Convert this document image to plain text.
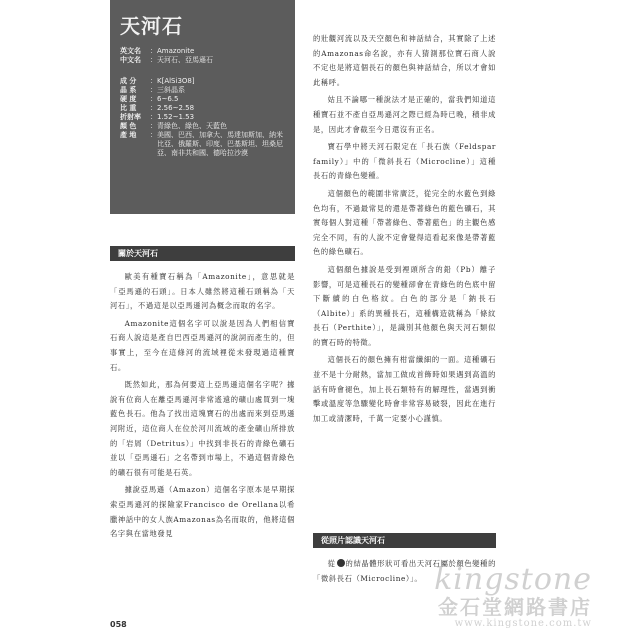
天河石
英文名	： Amazonite
中文名	： 天河石、亞馬遜石
成 分	： K[AlSi3O8]
晶 系	： 三斜晶系
硬 度	： 6~6.5
比 重	： 2.56~2.58
折射率	： 1.52~1.53
顏 色	： 青綠色、綠色、天藍色
產 地	： 美國、巴西、加拿大、馬達加斯加、納米比亞、俄羅斯、印度、巴基斯坦、坦桑尼亞、南非共和國、德哈拉沙漠
關於天河石

歐美有種寶石稱為「Amazonite」，意思就是「亞馬遜的石頭」。日本人雖然將這種石頭稱為「天河石」，不過這是以亞馬遜河為概念而取的名字。

Amazonite這個名字可以說是因為人們相信寶石商人說這是產自巴西亞馬遜河的說詞而產生的，但事實上，至今在這條河的流域裡從未發現過這種寶石。

既然如此，那為何要這上亞馬遜這個名字呢？據說有位商人在離亞馬遜河非常遙遠的礦山處買到一塊藍色長石。他為了找出這塊寶石的出處而來到亞馬遜河附近，這位商人在位於河川流域的產金礦山所排放的「岩屑（Detritus）」中找到非長石的青綠色礦石並以「亞馬遜石」之名帶到市場上，不過這個青綠色的礦石很有可能是石英。

據說亞馬遜（Amazon）這個名字原本是早期探索亞馬遜河的探險家Francisco de Orellana以希臘神話中的女人族Amazonas為名而取的，他將這個名字與在當地發見

的壯觀河流以及天空顏色和神話結合，其實除了上述的Amazonas命名說，亦有人猜測那位寶石商人說不定也是將這個長石的顏色與神話結合，所以才會如此稱呼。

姑且不論哪一種說法才是正確的，當我們知道這種寶石並不產自亞馬遜河之際已經為時已晚，積非成是，因此才會截至今日還沒有正名。

寶石學中將天河石限定在「長石族（Feldspar family）」中的「微斜長石（Microcline）」這種長石的青綠色變種。

這個顏色的範圍非常廣泛，從完全的水藍色到綠色均有，不過最常見的還是帶著綠色的藍色礦石，其實每個人對這種「帶著綠色、帶著藍色」的主觀色感完全不同，有的人說不定會覺得這看起來像是帶著藍色的綠色礦石。

這個顏色據說是受到裡頭所含的鉛（Pb）離子影響，可是這種長石的變種卻會在青綠色的色底中留下斷續的白色格紋。白色的部分是「鈉長石（Albite）」系的異種長石，這種構造就稱為「條紋長石（Perthite）」，是識別其他顏色與天河石類似的寶石時的特徵。

這個長石的顏色擁有柑當纖細的一面。這種礦石並不是十分耐熱，當加工做成首飾時如果遇到高溫的話有時會褪色，加上長石類特有的解理性，當遇到衝擊或溫度等急驟變化時會非常容易破裂，因此在進行加工或清潔時，千萬一定要小心謹慎。

從照片認識天河石

從 的結晶體形狀可看出天河石屬於顏色變種的「微斜長石（Microcline）」。

058
kingstone
金石堂網路書店
www.kingstone.com.tw
